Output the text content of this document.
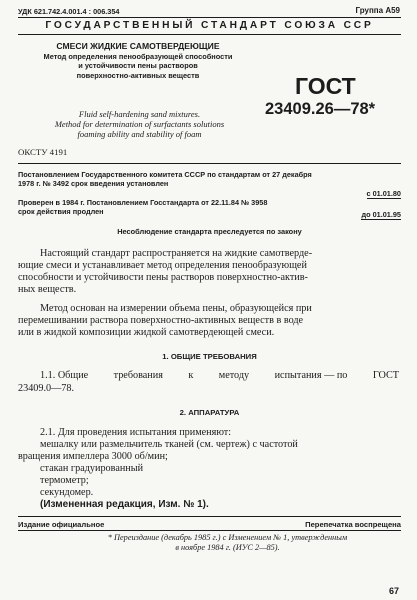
УДК 621.742.4.001.4 : 006.354	Группа А59
ГОСУДАРСТВЕННЫЙ СТАНДАРТ СОЮЗА ССР
СМЕСИ ЖИДКИЕ САМОТВЕРДЕЮЩИЕ
Метод определения пенообразующей способности
и устойчивости пены растворов
поверхностно-активных веществ	ГОСТ
23409.26—78*
Fluid self-hardening sand mixtures.
Method for determination of surfactants solutions
foaming ability and stability of foam
ОКСТУ 4191
Постановлением Государственного комитета СССР по стандартам от 27 декабря
1978 г. № 3492 срок введения установлен
с 01.01.80
Проверен в 1984 г. Постановлением Госстандарта от 22.11.84 № 3958
срок действия продлен	до 01.01.95
Несоблюдение стандарта преследуется по закону
Настоящий стандарт распространяется на жидкие самотверде-
ющие смеси и устанавливает метод определения пенообразующей
способности и устойчивости пены растворов поверхностно-актив-
ных веществ.
Метод основан на измерении объема пены, образующейся при
перемешивании раствора поверхностно-активных веществ в воде
или в жидкой композиции жидкой самотвердеющей смеси.
1. ОБЩИЕ ТРЕБОВАНИЯ
1.1. Общие требования к методу испытания — по ГОСТ
23409.0—78.
2. АППАРАТУРА
2.1. Для проведения испытания применяют:
мешалку или размельчитель тканей (см. чертеж) с частотой
вращения импеллера 3000 об/мин;
стакан градуированный
термометр;
секундомер.
(Измененная редакция, Изм. № 1).
Издание официальное	Перепечатка воспрещена
* Переиздание (декабрь 1985 г.) с Изменением № 1, утвержденным
в ноябре 1984 г. (ИУС 2—85).
67
